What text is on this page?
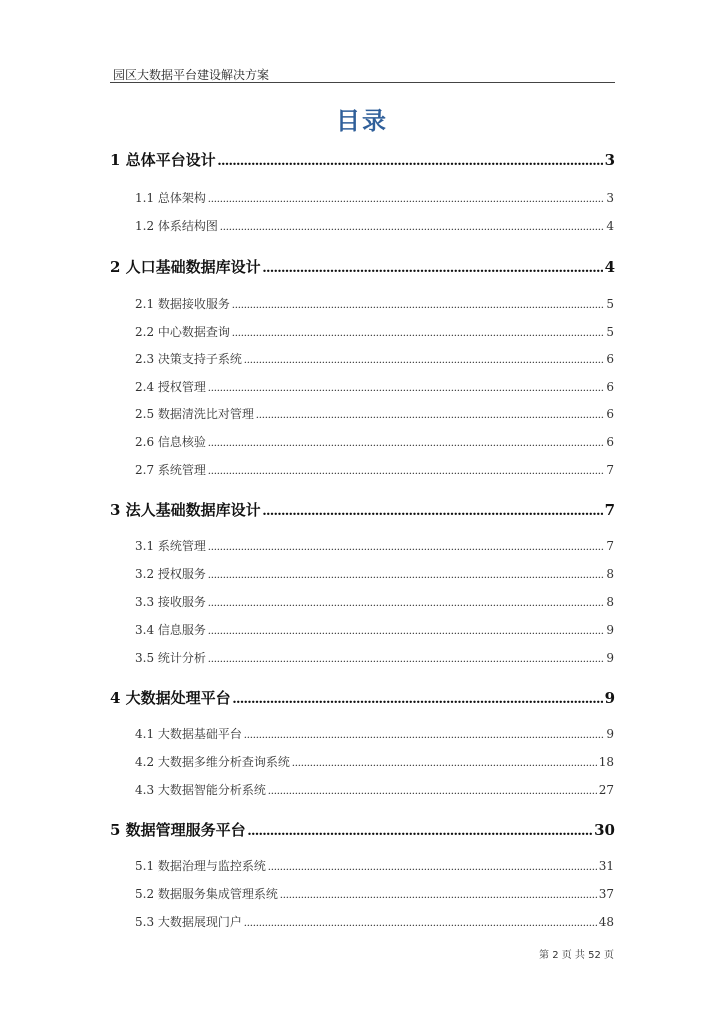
园区大数据平台建设解决方案
目录
1 总体平台设计 .....	3
1.1 总体架构 .....	3
1.2 体系结构图 .....	4
2 人口基础数据库设计 .....	4
2.1 数据接收服务 .....	5
2.2 中心数据查询 .....	5
2.3 决策支持子系统 .....	6
2.4 授权管理 .....	6
2.5 数据清洗比对管理 .....	6
2.6 信息核验 .....	6
2.7 系统管理 .....	7
3 法人基础数据库设计 .....	7
3.1 系统管理 .....	7
3.2 授权服务 .....	8
3.3 接收服务 .....	8
3.4 信息服务 .....	9
3.5 统计分析 .....	9
4 大数据处理平台 .....	9
4.1 大数据基础平台 .....	9
4.2 大数据多维分析查询系统 .....	18
4.3 大数据智能分析系统 .....	27
5 数据管理服务平台 .....	30
5.1 数据治理与监控系统 .....	31
5.2 数据服务集成管理系统 .....	37
5.3 大数据展现门户 .....	48
第 2 页 共 52 页
